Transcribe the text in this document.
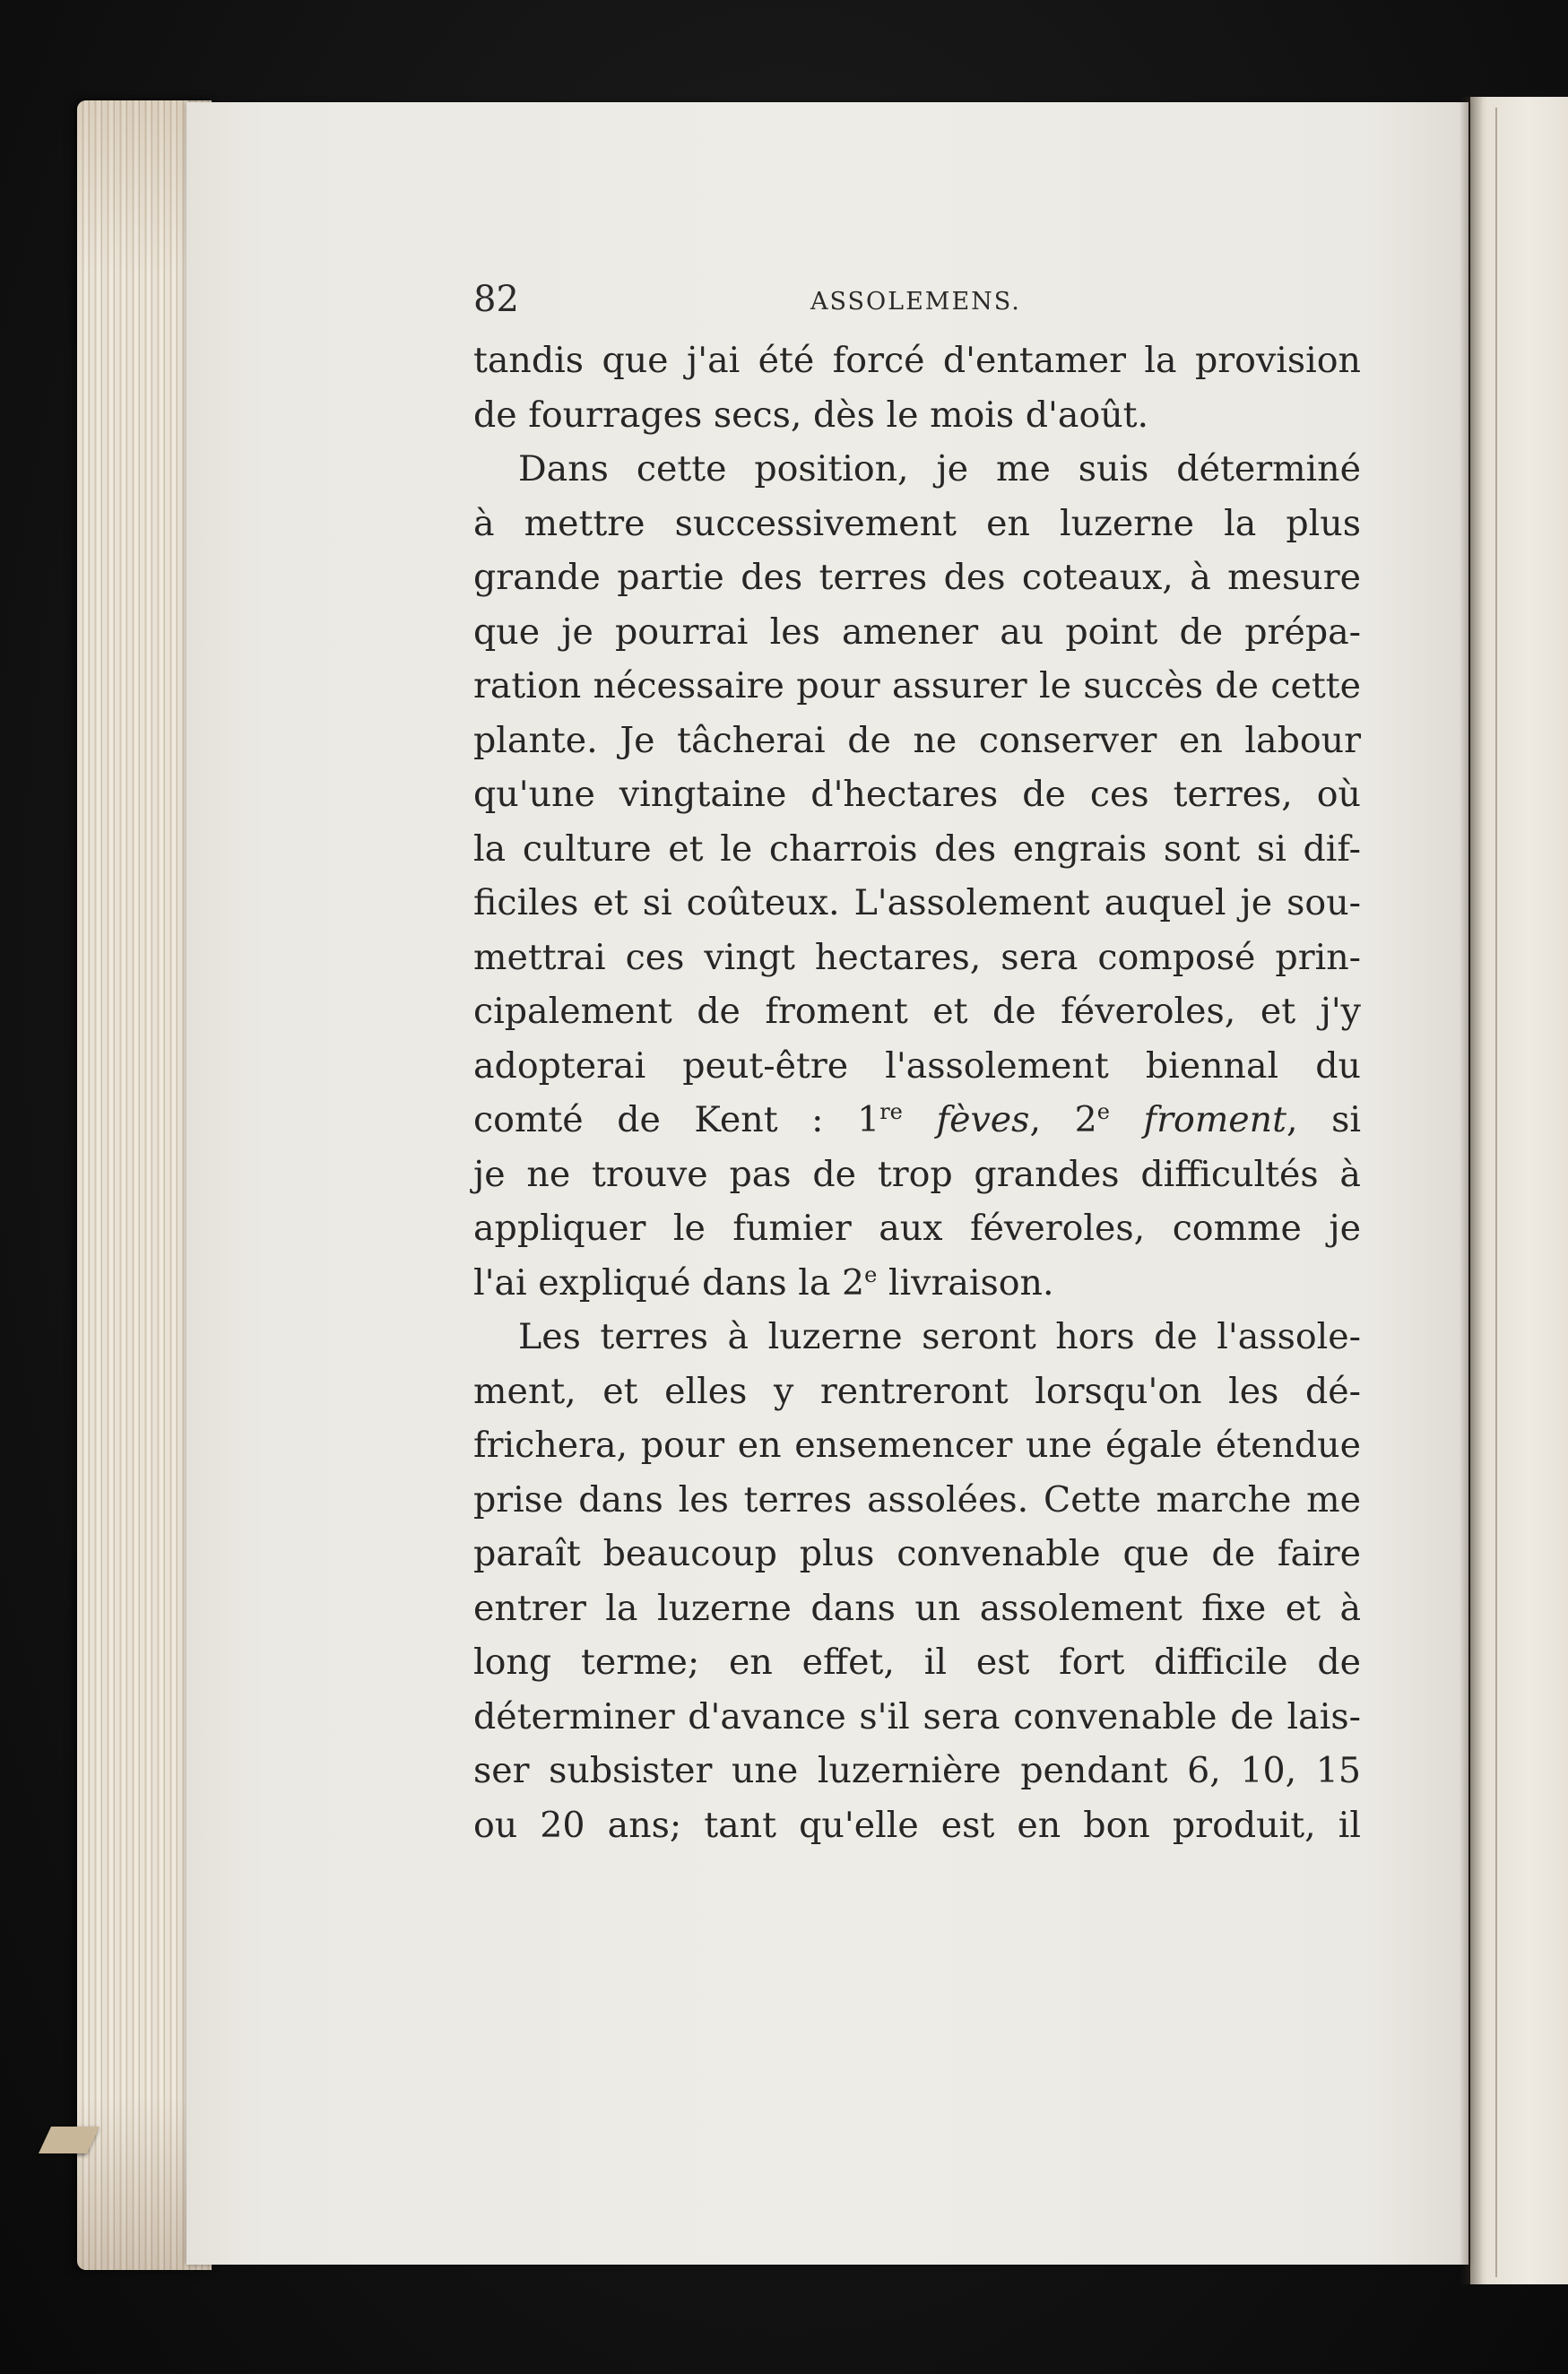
82	ASSOLEMENS.
tandis que j'ai été forcé d'entamer la provision
de fourrages secs, dès le mois d'août.
Dans cette position, je me suis déterminé
à mettre successivement en luzerne la plus
grande partie des terres des coteaux, à mesure
que je pourrai les amener au point de prépa-
ration nécessaire pour assurer le succès de cette
plante. Je tâcherai de ne conserver en labour
qu'une vingtaine d'hectares de ces terres, où
la culture et le charrois des engrais sont si dif-
ficiles et si coûteux. L'assolement auquel je sou-
mettrai ces vingt hectares, sera composé prin-
cipalement de froment et de féveroles, et j'y
adopterai peut-être l'assolement biennal du
comté de Kent : 1re fèves, 2e froment, si
je ne trouve pas de trop grandes difficultés à
appliquer le fumier aux féveroles, comme je
l'ai expliqué dans la 2e livraison.
Les terres à luzerne seront hors de l'assole-
ment, et elles y rentreront lorsqu'on les dé-
frichera, pour en ensemencer une égale étendue
prise dans les terres assolées. Cette marche me
paraît beaucoup plus convenable que de faire
entrer la luzerne dans un assolement fixe et à
long terme; en effet, il est fort difficile de
déterminer d'avance s'il sera convenable de lais-
ser subsister une luzernière pendant 6, 10, 15
ou 20 ans; tant qu'elle est en bon produit, il
